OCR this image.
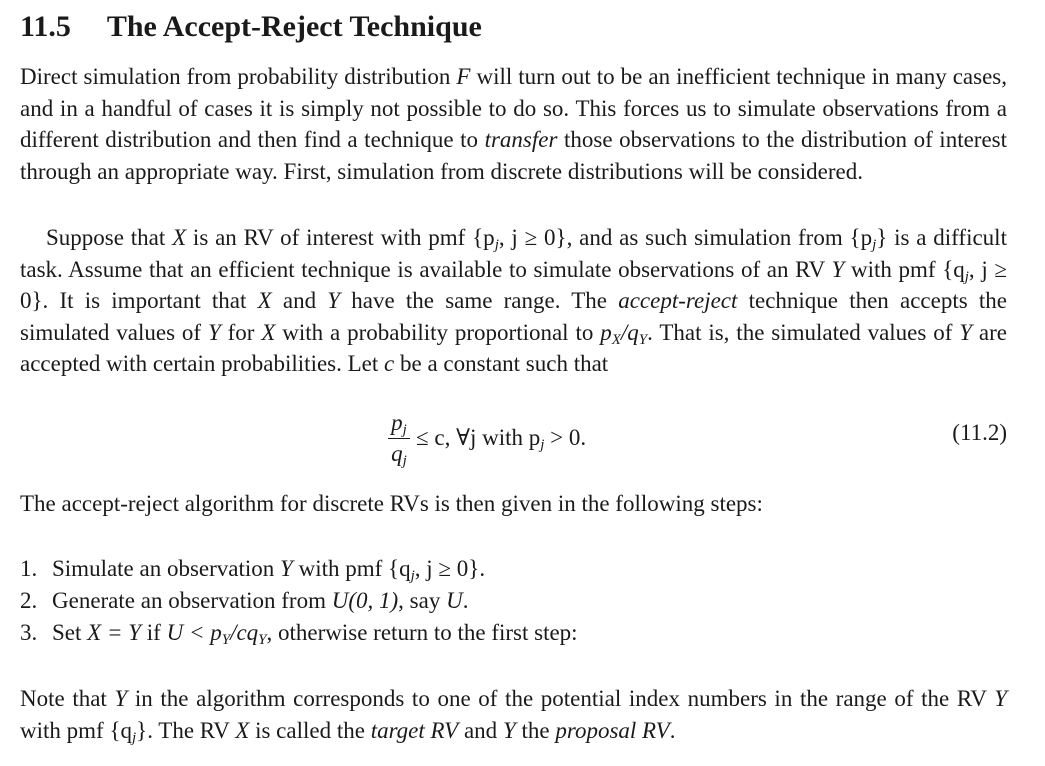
11.5 The Accept-Reject Technique

Direct simulation from probability distribution F will turn out to be an inefficient technique in many cases, and in a handful of cases it is simply not possible to do so. This forces us to simulate observations from a different distribution and then find a technique to transfer those observations to the distribution of interest through an appropriate way. First, simulation from discrete distributions will be considered.

Suppose that X is an RV of interest with pmf {$p_j$, j ≥ 0}, and as such simulation from $\{p_j\}$ is a difficult task. Assume that an efficient technique is available to simulate observations of an RV Y with pmf {$q_j$, j ≥ 0}. It is important that X and Y have the same range. The accept-reject technique then accepts the simulated values of Y for X with a probability proportional to $p_X/q_Y$. That is, the simulated values of Y are accepted with certain probabilities. Let c be a constant such that

$\frac{p_j}{q_j} \le c$, ∀j with $p_j > 0$.	(11.2)

The accept-reject algorithm for discrete RVs is then given in the following steps:

1. Simulate an observation Y with pmf {$q_j$, j ≥ 0}.
2. Generate an observation from U(0, 1), say U.
3. Set X = Y if $U < p_Y/cq_Y$, otherwise return to the first step:

Note that Y in the algorithm corresponds to one of the potential index numbers in the range of the RV Y with pmf $\{q_j\}$. The RV X is called the target RV and Y the proposal RV.
